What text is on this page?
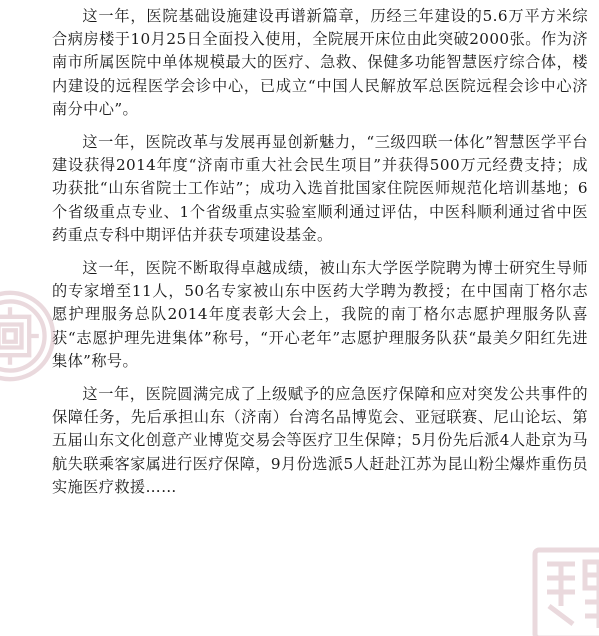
这一年，医院基础设施建设再谱新篇章，历经三年建设的5.6万平方米综合病房楼于10月25日全面投入使用，全院展开床位由此突破2000张。作为济南市所属医院中单体规模最大的医疗、急救、保健多功能智慧医疗综合体，楼内建设的远程医学会诊中心，已成立“中国人民解放军总医院远程会诊中心济南分中心”。

这一年，医院改革与发展再显创新魅力，“三级四联一体化”智慧医学平台建设获得2014年度“济南市重大社会民生项目”并获得500万元经费支持；成功获批“山东省院士工作站”；成功入选首批国家住院医师规范化培训基地；6个省级重点专业、1个省级重点实验室顺利通过评估，中医科顺利通过省中医药重点专科中期评估并获专项建设基金。

这一年，医院不断取得卓越成绩，被山东大学医学院聘为博士研究生导师的专家增至11人，50名专家被山东中医药大学聘为教授；在中国南丁格尔志愿护理服务总队2014年度表彰大会上，我院的南丁格尔志愿护理服务队喜获“志愿护理先进集体”称号，“开心老年”志愿护理服务队获“最美夕阳红先进集体”称号。

这一年，医院圆满完成了上级赋予的应急医疗保障和应对突发公共事件的保障任务，先后承担山东（济南）台湾名品博览会、亚冠联赛、尼山论坛、第五届山东文化创意产业博览交易会等医疗卫生保障；5月份先后派4人赴京为马航失联乘客家属进行医疗保障，9月份选派5人赶赴江苏为昆山粉尘爆炸重伤员实施医疗救援……
